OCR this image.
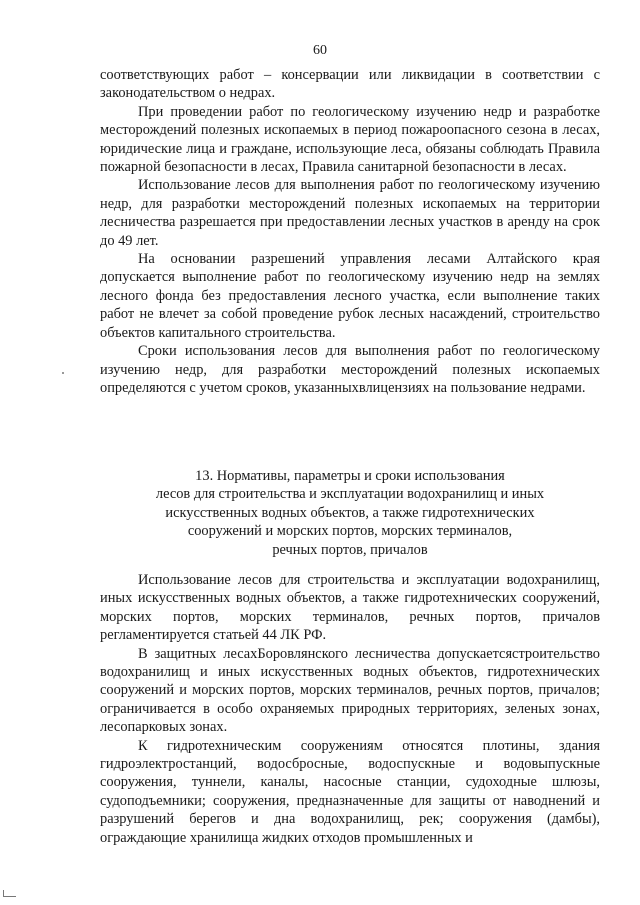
60

соответствующих работ – консервации или ликвидации в соответствии с законодательством о недрах.

При проведении работ по геологическому изучению недр и разработке месторождений полезных ископаемых в период пожароопасного сезона в лесах, юридические лица и граждане, использующие леса, обязаны соблюдать Правила пожарной безопасности в лесах, Правила санитарной безопасности в лесах.

Использование лесов для выполнения работ по геологическому изучению недр, для разработки месторождений полезных ископаемых на территории лесничества разрешается при предоставлении лесных участков в аренду на срок до 49 лет.

На основании разрешений управления лесами Алтайского края допускается выполнение работ по геологическому изучению недр на землях лесного фонда без предоставления лесного участка, если выполнение таких работ не влечет за собой проведение рубок лесных насаждений, строительство объектов капитального строительства.

Сроки использования лесов для выполнения работ по геологическому изучению недр, для разработки месторождений полезных ископаемых определяются с учетом сроков, указанныхвлицензиях на пользование недрами.

13. Нормативы, параметры и сроки использования
лесов для строительства и эксплуатации водохранилищ и иных
искусственных водных объектов, а также гидротехнических
сооружений и морских портов, морских терминалов,
речных портов, причалов

Использование лесов для строительства и эксплуатации водохранилищ, иных искусственных водных объектов, а также гидротехнических сооружений, морских портов, морских терминалов, речных портов, причалов регламентируется статьей 44 ЛК РФ.

В защитных лесахБоровлянского лесничества допускаетсястроительство водохранилищ и иных искусственных водных объектов, гидротехнических сооружений и морских портов, морских терминалов, речных портов, причалов; ограничивается в особо охраняемых природных территориях, зеленых зонах, лесопарковых зонах.

К гидротехническим сооружениям относятся плотины, здания гидроэлектростанций, водосбросные, водоспускные и водовыпускные сооружения, туннели, каналы, насосные станции, судоходные шлюзы, судоподъемники; сооружения, предназначенные для защиты от наводнений и разрушений берегов и дна водохранилищ, рек; сооружения (дамбы), ограждающие хранилища жидких отходов промышленных и
